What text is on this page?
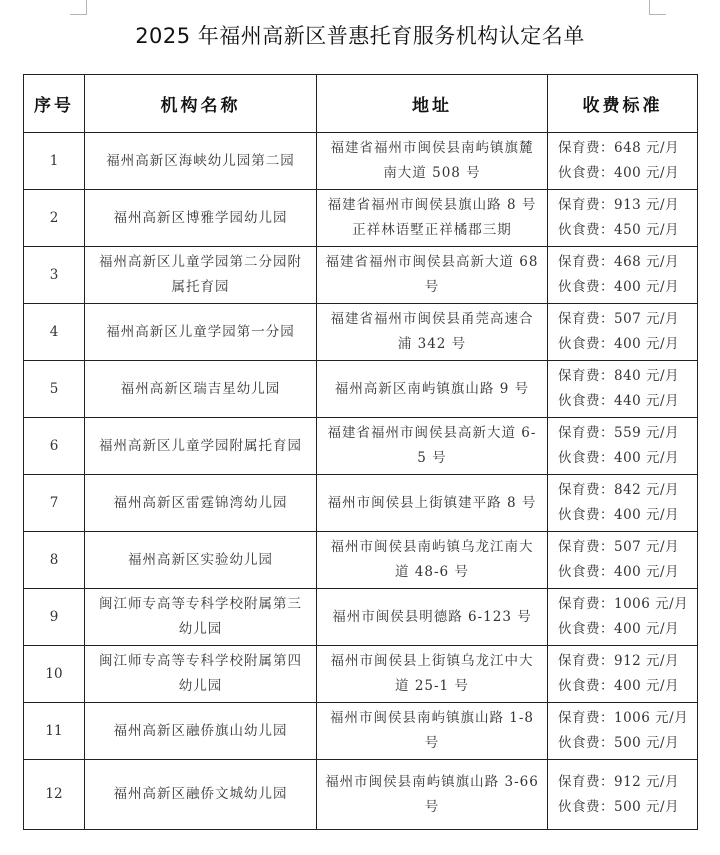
2025 年福州高新区普惠托育服务机构认定名单
序号	机构名称	地址	收费标准
1	福州高新区海峡幼儿园第二园	福建省福州市闽侯县南屿镇旗麓南大道 508 号	保育费：648 元/月
伙食费：400 元/月

2	福州高新区博雅学园幼儿园	福建省福州市闽侯县旗山路 8 号正祥林语墅正祥橘郡三期	保育费：913 元/月
伙食费：450 元/月

3	福州高新区儿童学园第二分园附属托育园	福建省福州市闽侯县高新大道 68 号	保育费：468 元/月
伙食费：400 元/月

4	福州高新区儿童学园第一分园	福建省福州市闽侯县甬莞高速合浦 342 号	保育费：507 元/月
伙食费：400 元/月

5	福州高新区瑞吉星幼儿园	福州高新区南屿镇旗山路 9 号	保育费：840 元/月
伙食费：440 元/月

6	福州高新区儿童学园附属托育园	福建省福州市闽侯县高新大道 6-5 号	保育费：559 元/月
伙食费：400 元/月

7	福州高新区雷霆锦湾幼儿园	福州市闽侯县上街镇建平路 8 号	保育费：842 元/月
伙食费：400 元/月

8	福州高新区实验幼儿园	福州市闽侯县南屿镇乌龙江南大道 48-6 号	保育费：507 元/月
伙食费：400 元/月

9	闽江师专高等专科学校附属第三幼儿园	福州市闽侯县明德路 6-123 号	保育费：1006 元/月
伙食费：400 元/月

10	闽江师专高等专科学校附属第四幼儿园	福州市闽侯县上街镇乌龙江中大道 25-1 号	保育费：912 元/月
伙食费：400 元/月

11	福州高新区融侨旗山幼儿园	福州市闽侯县南屿镇旗山路 1-8 号	保育费：1006 元/月
伙食费：500 元/月

12	福州高新区融侨文城幼儿园	福州市闽侯县南屿镇旗山路 3-66 号	保育费：912 元/月
伙食费：500 元/月
